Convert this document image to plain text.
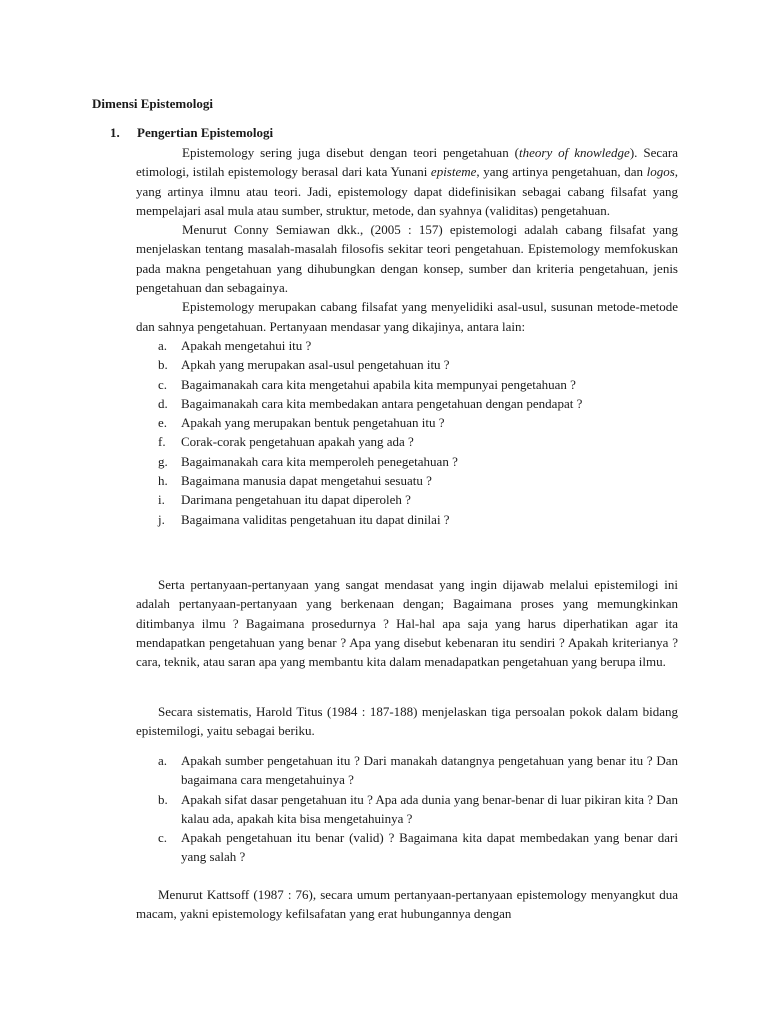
Dimensi Epistemologi
1. Pengertian Epistemologi

Epistemology sering juga disebut dengan teori pengetahuan (theory of knowledge). Secara etimologi, istilah epistemology berasal dari kata Yunani episteme, yang artinya pengetahuan, dan logos, yang artinya ilmnu atau teori. Jadi, epistemology dapat didefinisikan sebagai cabang filsafat yang mempelajari asal mula atau sumber, struktur, metode, dan syahnya (validitas) pengetahuan.

Menurut Conny Semiawan dkk., (2005 : 157) epistemologi adalah cabang filsafat yang menjelaskan tentang masalah-masalah filosofis sekitar teori pengetahuan. Epistemology memfokuskan pada makna pengetahuan yang dihubungkan dengan konsep, sumber dan kriteria pengetahuan, jenis pengetahuan dan sebagainya.

Epistemology merupakan cabang filsafat yang menyelidiki asal-usul, susunan metode-metode dan sahnya pengetahuan. Pertanyaan mendasar yang dikajinya, antara lain:

a. Apakah mengetahui itu ?
b. Apkah yang merupakan asal-usul pengetahuan itu ?
c. Bagaimanakah cara kita mengetahui apabila kita mempunyai pengetahuan ?
d. Bagaimanakah cara kita membedakan antara pengetahuan dengan pendapat ?
e. Apakah yang merupakan bentuk pengetahuan itu ?
f. Corak-corak pengetahuan apakah yang ada ?
g. Bagaimanakah cara kita memperoleh penegetahuan ?
h. Bagaimana manusia dapat mengetahui sesuatu ?
i. Darimana pengetahuan itu dapat diperoleh ?
j. Bagaimana validitas pengetahuan itu dapat dinilai ?

Serta pertanyaan-pertanyaan yang sangat mendasat yang ingin dijawab melalui epistemilogi ini adalah pertanyaan-pertanyaan yang berkenaan dengan; Bagaimana proses yang memungkinkan ditimbanya ilmu ? Bagaimana prosedurnya ? Hal-hal apa saja yang harus diperhatikan agar ita mendapatkan pengetahuan yang benar ? Apa yang disebut kebenaran itu sendiri ? Apakah kriterianya ? cara, teknik, atau saran apa yang membantu kita dalam menadapatkan pengetahuan yang berupa ilmu.

Secara sistematis, Harold Titus (1984 : 187-188) menjelaskan tiga persoalan pokok dalam bidang epistemilogi, yaitu sebagai beriku.

a. Apakah sumber pengetahuan itu ? Dari manakah datangnya pengetahuan yang benar itu ? Dan bagaimana cara mengetahuinya ?
b. Apakah sifat dasar pengetahuan itu ? Apa ada dunia yang benar-benar di luar pikiran kita ? Dan kalau ada, apakah kita bisa mengetahuinya ?
c. Apakah pengetahuan itu benar (valid) ? Bagaimana kita dapat membedakan yang benar dari yang salah ?

Menurut Kattsoff (1987 : 76), secara umum pertanyaan-pertanyaan epistemology menyangkut dua macam, yakni epistemology kefilsafatan yang erat hubungannya dengan
